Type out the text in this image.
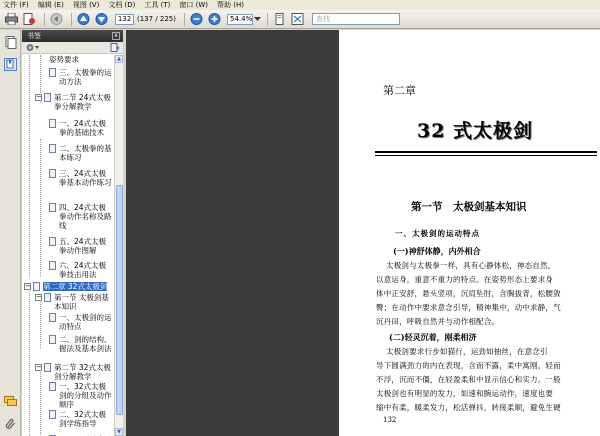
文件 (F) 编辑 (E) 视图 (V) 文档 (D) 工具 (T) 窗口 (W) 帮助 (H)
132 (137 / 225)	54.4%	查找
书签	x
姿势要求
三、太极拳的运动方法
− 第二节 24式太极拳分解教学
一、24式太极拳的基础技术
二、太极拳的基本练习
三、24式太极拳基本动作练习
四、24式太极拳动作名称及路线
五、24式太极拳动作图解
六、24式太极拳技击用法
− 第二章 32式太极剑
− 第一节 太极剑基本知识
一、太极剑的运动特点
二、剑的结构、握法及基本剑法
− 第二节 32式太极剑分解教学
一、32式太极剑的分组及动作顺序
二、32式太极剑学练指导
▲
▼
第二章
32 式太极剑
第一节　太极剑基本知识
一、太极剑的运动特点
(一)神舒体静，内外相合
太极剑与太极拳一样，具有心静体松，神态自然，
以意运身，重意不重力的特点。在姿势形态上要求身
体中正安舒，悬头竖项，沉肩坠肘，含胸拔背，松腰敛
臀；在动作中要求意念引导，精神集中，动中求静，气
沉丹田，呼吸自然并与动作相配合。
(二)轻灵沉着，刚柔相济
太极剑要求行步如猫行，运劲如抽丝，在意念引
导下圆满劲力的内在表现，含而不露，柔中寓刚，轻而
不浮，沉而不僵，在轻盈柔和中显示信心和实力。一般
太极剑也有明显的发力，如速和腕运动作，速度也要
缩中有柔，暖柔发力，松活弹抖，转接柔顺，避免生硬
132
